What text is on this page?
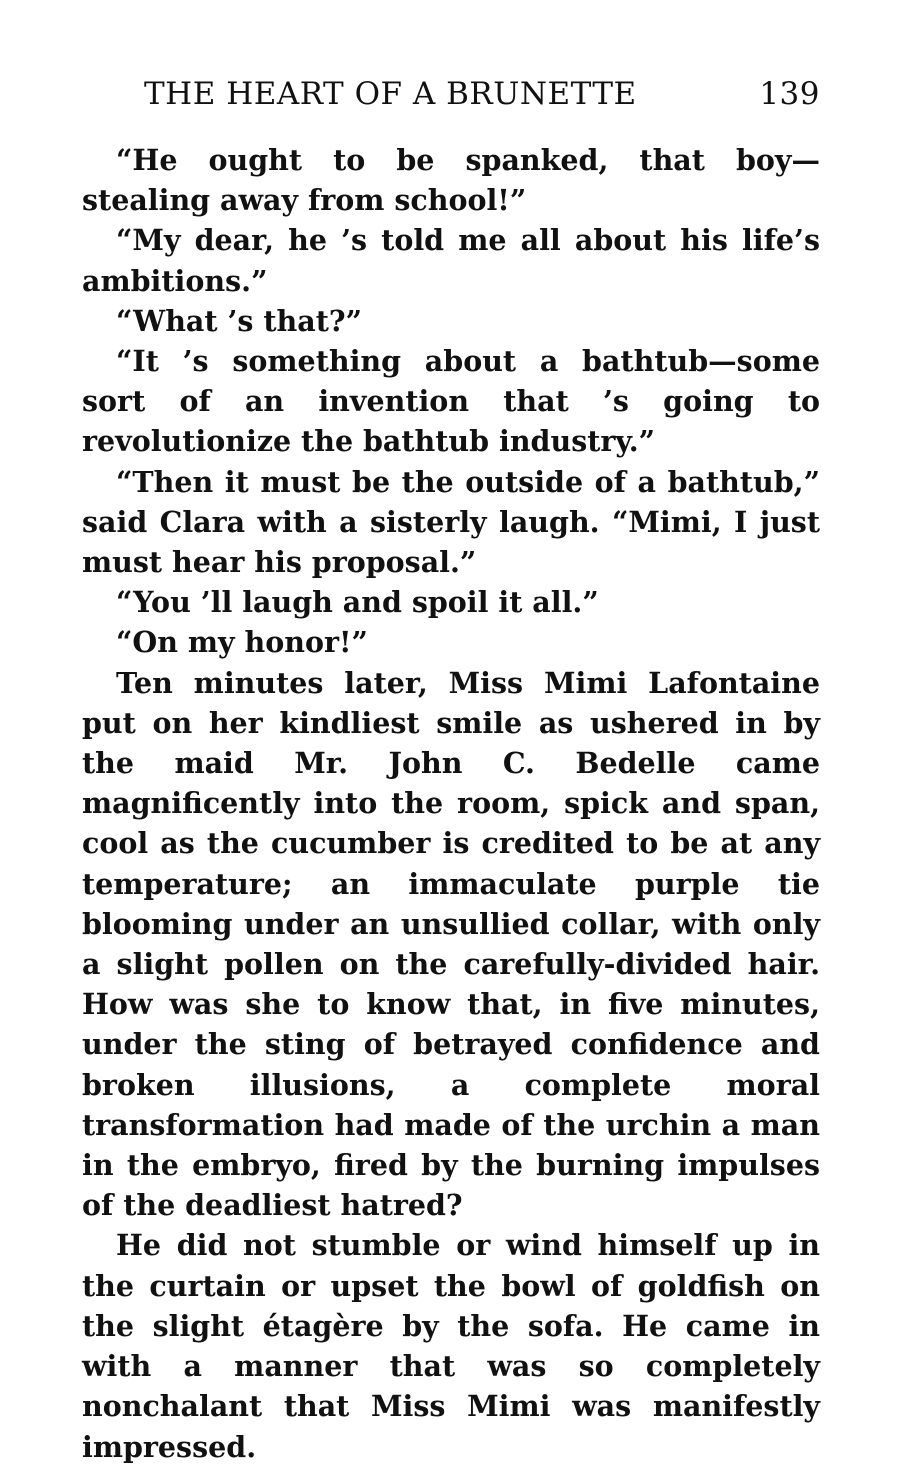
THE HEART OF A BRUNETTE	139

“He ought to be spanked, that boy—stealing away from school!”

“My dear, he ’s told me all about his life’s ambitions.”

“What ’s that?”

“It ’s something about a bathtub—some sort of an invention that ’s going to revolutionize the bathtub industry.”

“Then it must be the outside of a bathtub,” said Clara with a sisterly laugh. “Mimi, I just must hear his proposal.”

“You ’ll laugh and spoil it all.”

“On my honor!”

Ten minutes later, Miss Mimi Lafontaine put on her kindliest smile as ushered in by the maid Mr. John C. Bedelle came magnificently into the room, spick and span, cool as the cucumber is credited to be at any temperature; an immaculate purple tie blooming under an unsullied collar, with only a slight pollen on the carefully-divided hair. How was she to know that, in five minutes, under the sting of betrayed confidence and broken illusions, a complete moral transformation had made of the urchin a man in the embryo, fired by the burning impulses of the deadliest hatred?

He did not stumble or wind himself up in the curtain or upset the bowl of goldfish on the slight étagère by the sofa. He came in with a manner that was so completely nonchalant that Miss Mimi was manifestly impressed.
